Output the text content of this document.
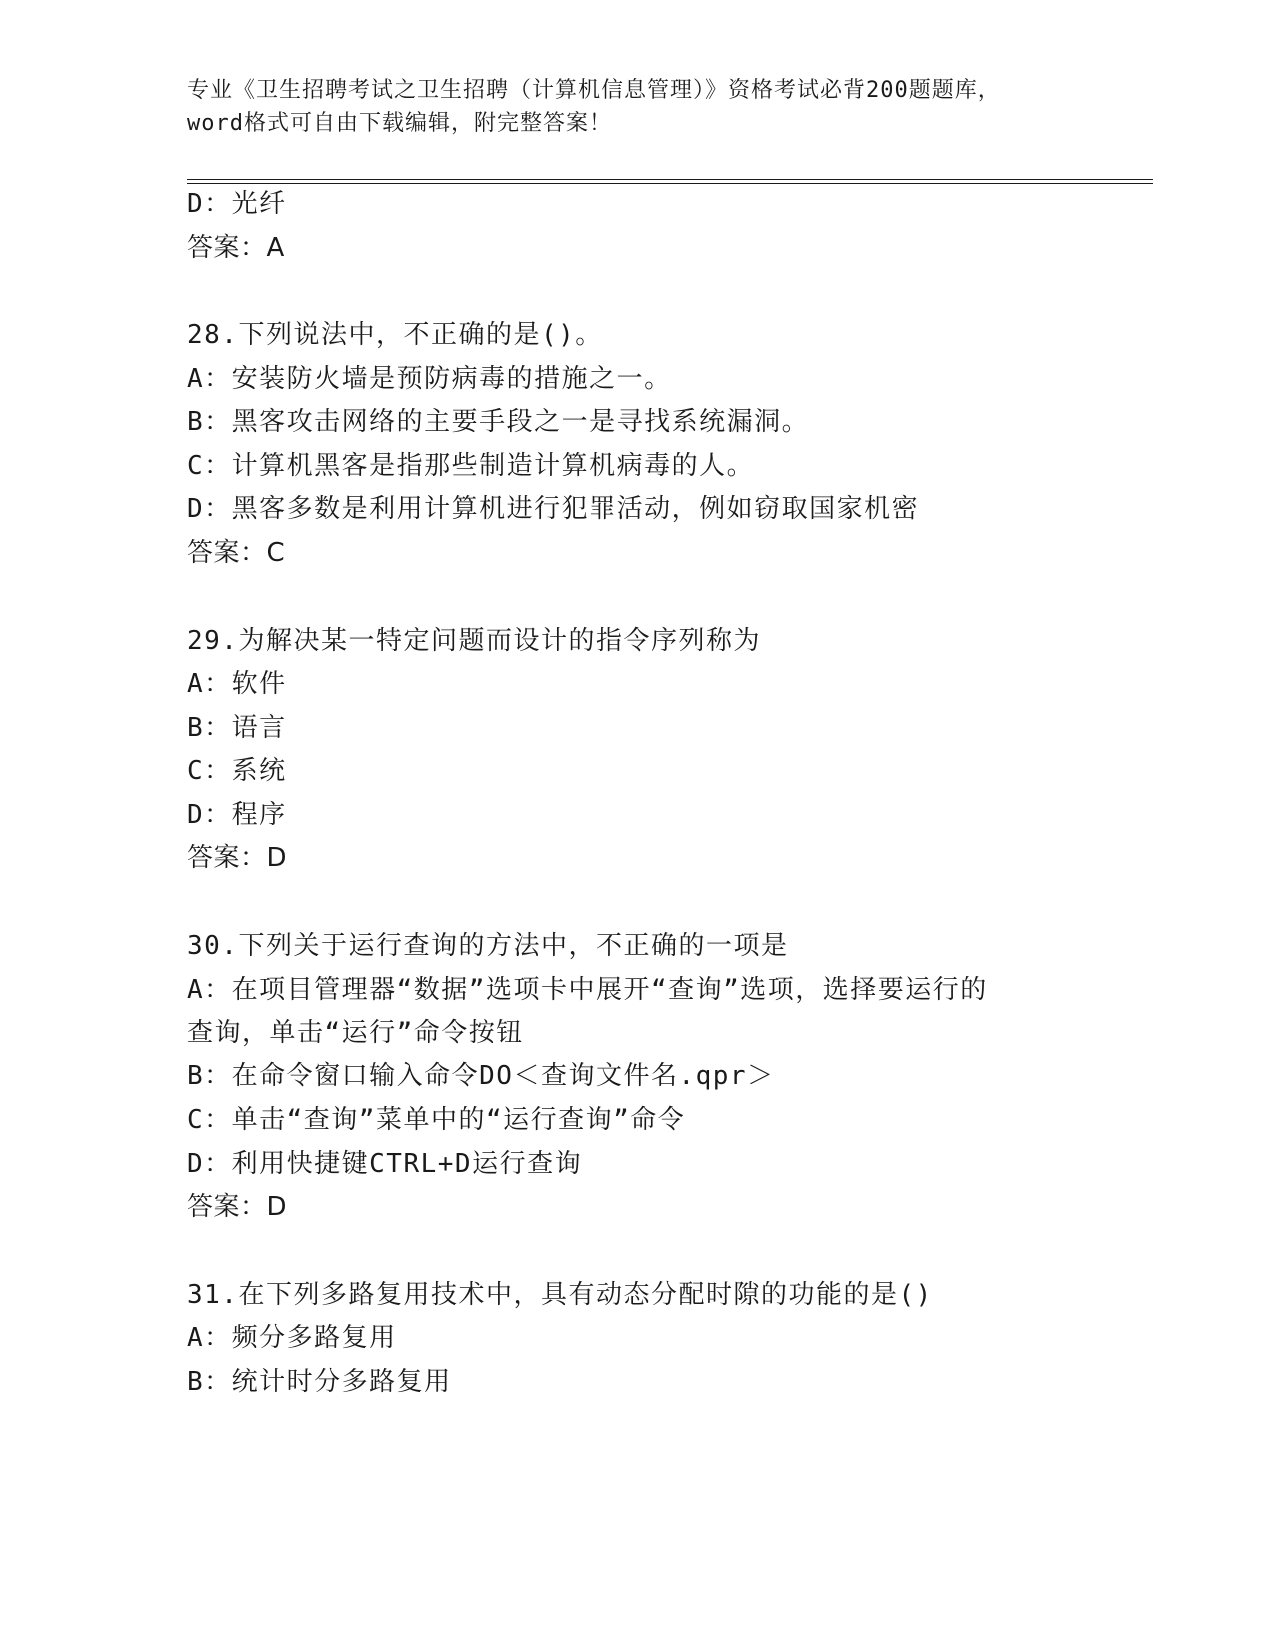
专业《卫生招聘考试之卫生招聘（计算机信息管理）》资格考试必背200题题库，
word格式可自由下载编辑，附完整答案！
D：光纤
答案：A
28.下列说法中，不正确的是()。
A：安装防火墙是预防病毒的措施之一。
B：黑客攻击网络的主要手段之一是寻找系统漏洞。
C：计算机黑客是指那些制造计算机病毒的人。
D：黑客多数是利用计算机进行犯罪活动，例如窃取国家机密
答案：C
29.为解决某一特定问题而设计的指令序列称为
A：软件
B：语言
C：系统
D：程序
答案：D
30.下列关于运行查询的方法中，不正确的一项是
A：在项目管理器“数据”选项卡中展开“查询”选项，选择要运行的
查询，单击“运行”命令按钮
B：在命令窗口输入命令DO＜查询文件名.qpr＞
C：单击“查询”菜单中的“运行查询”命令
D：利用快捷键CTRL+D运行查询
答案：D
31.在下列多路复用技术中，具有动态分配时隙的功能的是()
A：频分多路复用
B：统计时分多路复用
